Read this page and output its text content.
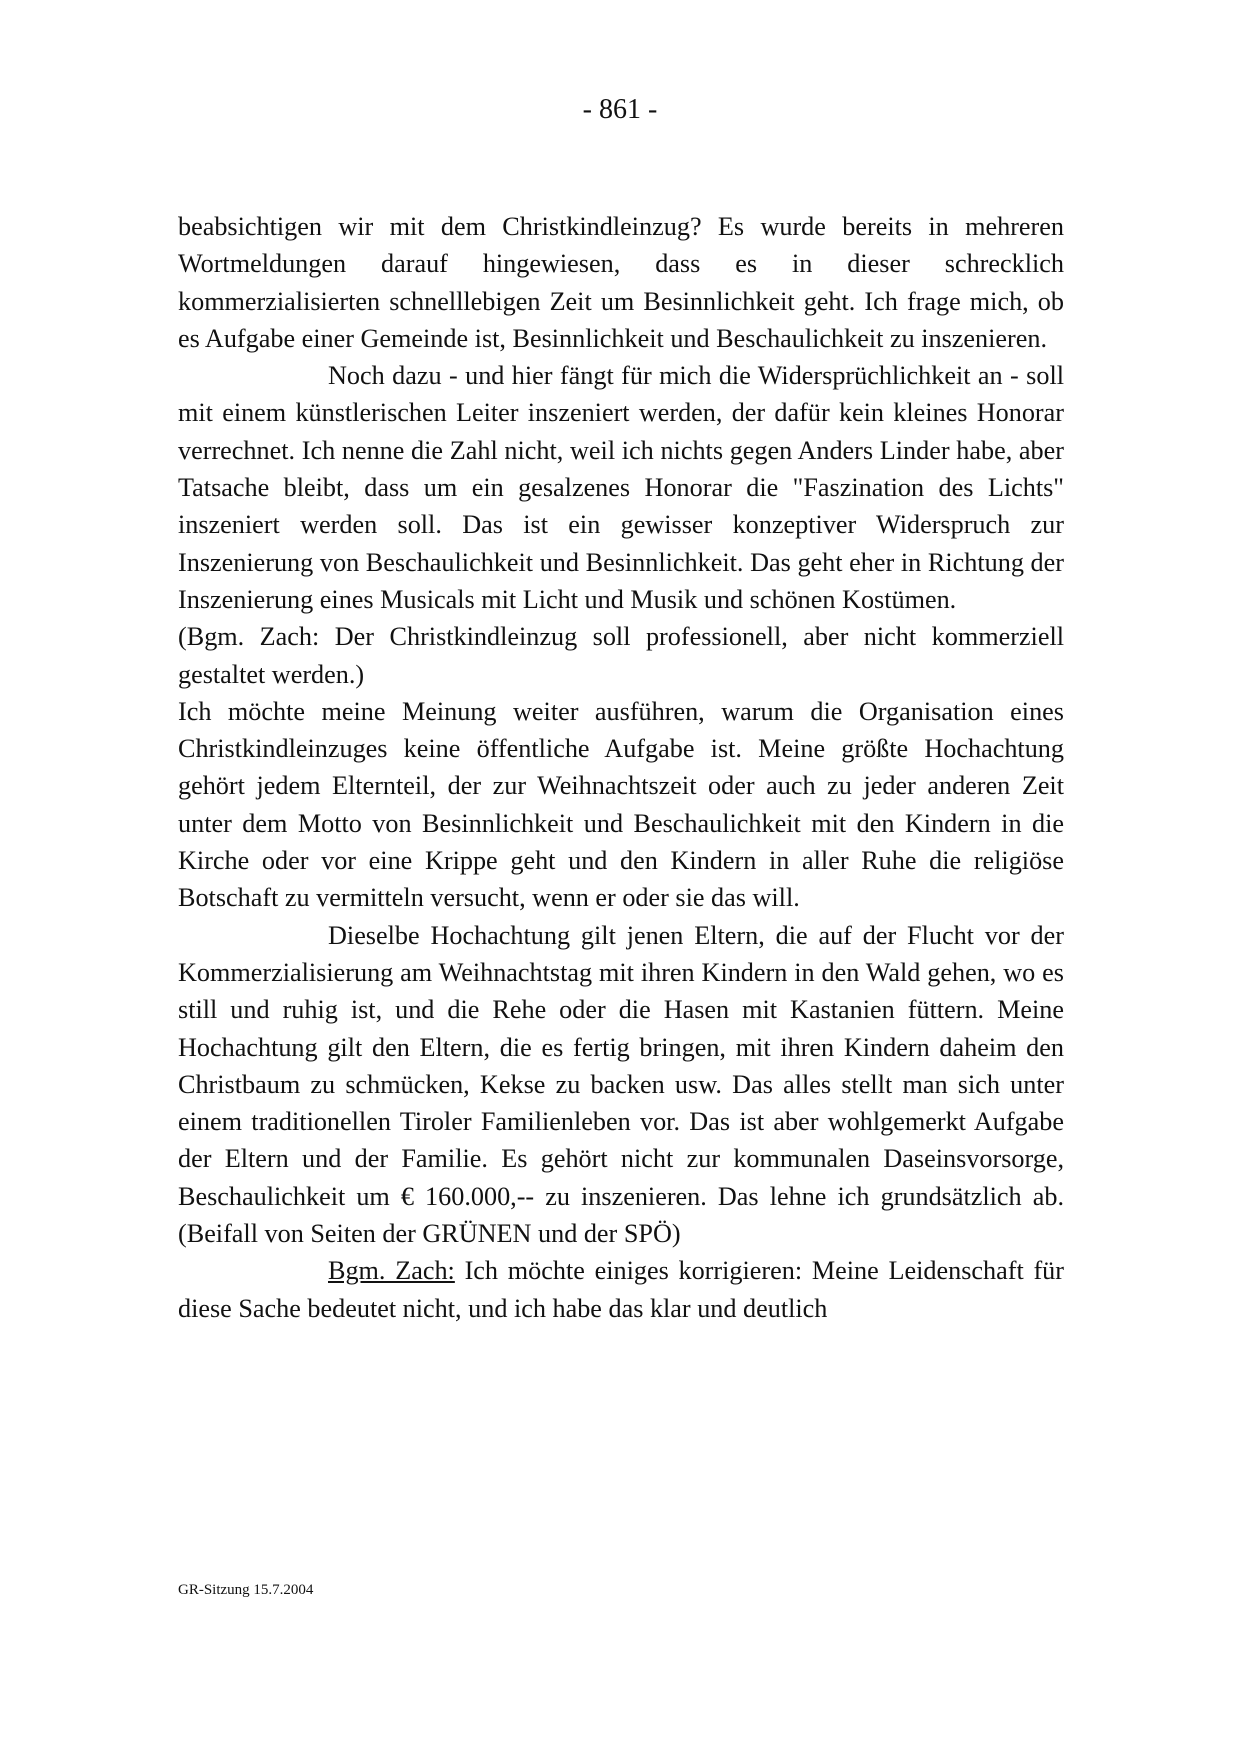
- 861 -

beabsichtigen wir mit dem Christkindleinzug? Es wurde bereits in mehreren Wortmeldungen darauf hingewiesen, dass es in dieser schrecklich kommerzialisierten schnelllebigen Zeit um Besinnlichkeit geht. Ich frage mich, ob es Aufgabe einer Gemeinde ist, Besinnlichkeit und Beschaulichkeit zu inszenieren.

Noch dazu - und hier fängt für mich die Widersprüchlichkeit an - soll mit einem künstlerischen Leiter inszeniert werden, der dafür kein kleines Honorar verrechnet. Ich nenne die Zahl nicht, weil ich nichts gegen Anders Linder habe, aber Tatsache bleibt, dass um ein gesalzenes Honorar die "Faszination des Lichts" inszeniert werden soll. Das ist ein gewisser konzeptiver Widerspruch zur Inszenierung von Beschaulichkeit und Besinnlichkeit. Das geht eher in Richtung der Inszenierung eines Musicals mit Licht und Musik und schönen Kostümen.

(Bgm. Zach: Der Christkindleinzug soll professionell, aber nicht kommerziell gestaltet werden.)

Ich möchte meine Meinung weiter ausführen, warum die Organisation eines Christkindleinzuges keine öffentliche Aufgabe ist. Meine größte Hochachtung gehört jedem Elternteil, der zur Weihnachtszeit oder auch zu jeder anderen Zeit unter dem Motto von Besinnlichkeit und Beschaulichkeit mit den Kindern in die Kirche oder vor eine Krippe geht und den Kindern in aller Ruhe die religiöse Botschaft zu vermitteln versucht, wenn er oder sie das will.

Dieselbe Hochachtung gilt jenen Eltern, die auf der Flucht vor der Kommerzialisierung am Weihnachtstag mit ihren Kindern in den Wald gehen, wo es still und ruhig ist, und die Rehe oder die Hasen mit Kastanien füttern. Meine Hochachtung gilt den Eltern, die es fertig bringen, mit ihren Kindern daheim den Christbaum zu schmücken, Kekse zu backen usw. Das alles stellt man sich unter einem traditionellen Tiroler Familienleben vor. Das ist aber wohlgemerkt Aufgabe der Eltern und der Familie. Es gehört nicht zur kommunalen Daseinsvorsorge, Beschaulichkeit um € 160.000,-- zu inszenieren. Das lehne ich grundsätzlich ab. (Beifall von Seiten der GRÜNEN und der SPÖ)

Bgm. Zach: Ich möchte einiges korrigieren: Meine Leidenschaft für diese Sache bedeutet nicht, und ich habe das klar und deutlich

GR-Sitzung 15.7.2004
